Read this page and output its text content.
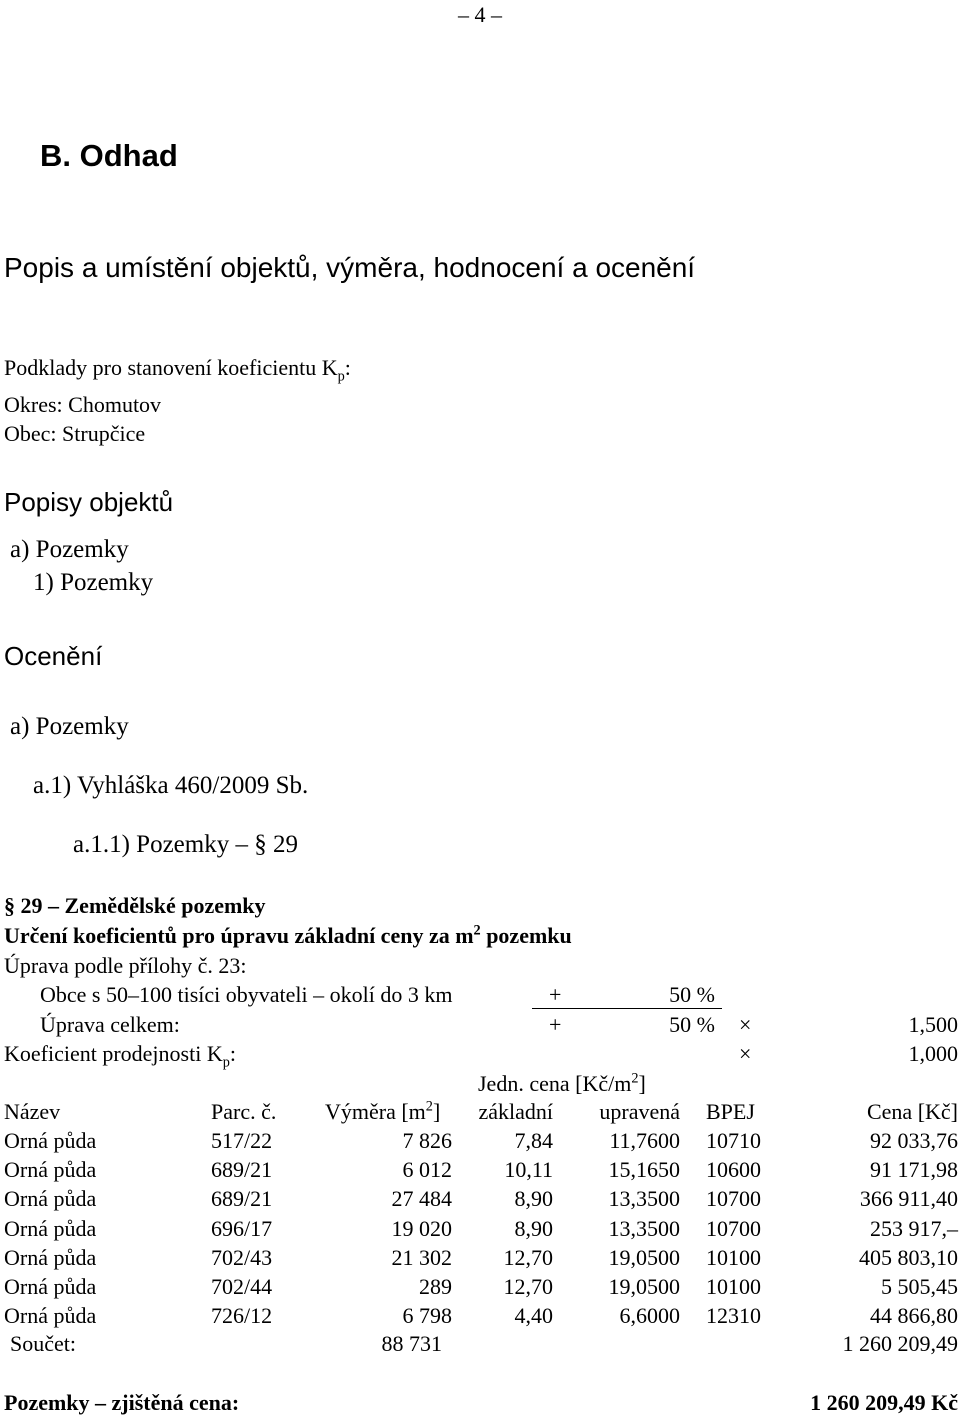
– 4 –
B. Odhad
Popis a umístění objektů, výměra, hodnocení a ocenění
Podklady pro stanovení koeficientu $K_p$:
Okres: Chomutov
Obec: Strupčice
Popisy objektů
a) Pozemky
1) Pozemky
Ocenění
a) Pozemky
a.1) Vyhláška 460/2009 Sb.
a.1.1) Pozemky – § 29
§ 29 – Zemědělské pozemky
Určení koeficientů pro úpravu základní ceny za $m^2$ pozemku
Úprava podle přílohy č. 23:
Obce s 50–100 tisíci obyvateli – okolí do 3 km	+	50 %
Úprava celkem:	+	50 % ×	1,500
Koeficient prodejnosti $K_p$:	×	1,000
Jedn. cena $[Kč/m^2]$
Název	Parc. č. Výměra $[m^2]$	základní	upravená BPEJ	Cena [Kč]
Orná půda	517/22	7 826	7,84	11,7600 10710	92 033,76
Orná půda	689/21	6 012	10,11	15,1650 10600	91 171,98
Orná půda	689/21	27 484	8,90	13,3500 10700	366 911,40
Orná půda	696/17	19 020	8,90	13,3500 10700	253 917,–
Orná půda	702/43	21 302	12,70	19,0500 10100	405 803,10
Orná půda	702/44	289	12,70	19,0500 10100	5 505,45
Orná půda	726/12	6 798	4,40	6,6000 12310	44 866,80
Součet:	88 731	1 260 209,49
Pozemky – zjištěná cena:	1 260 209,49 Kč
